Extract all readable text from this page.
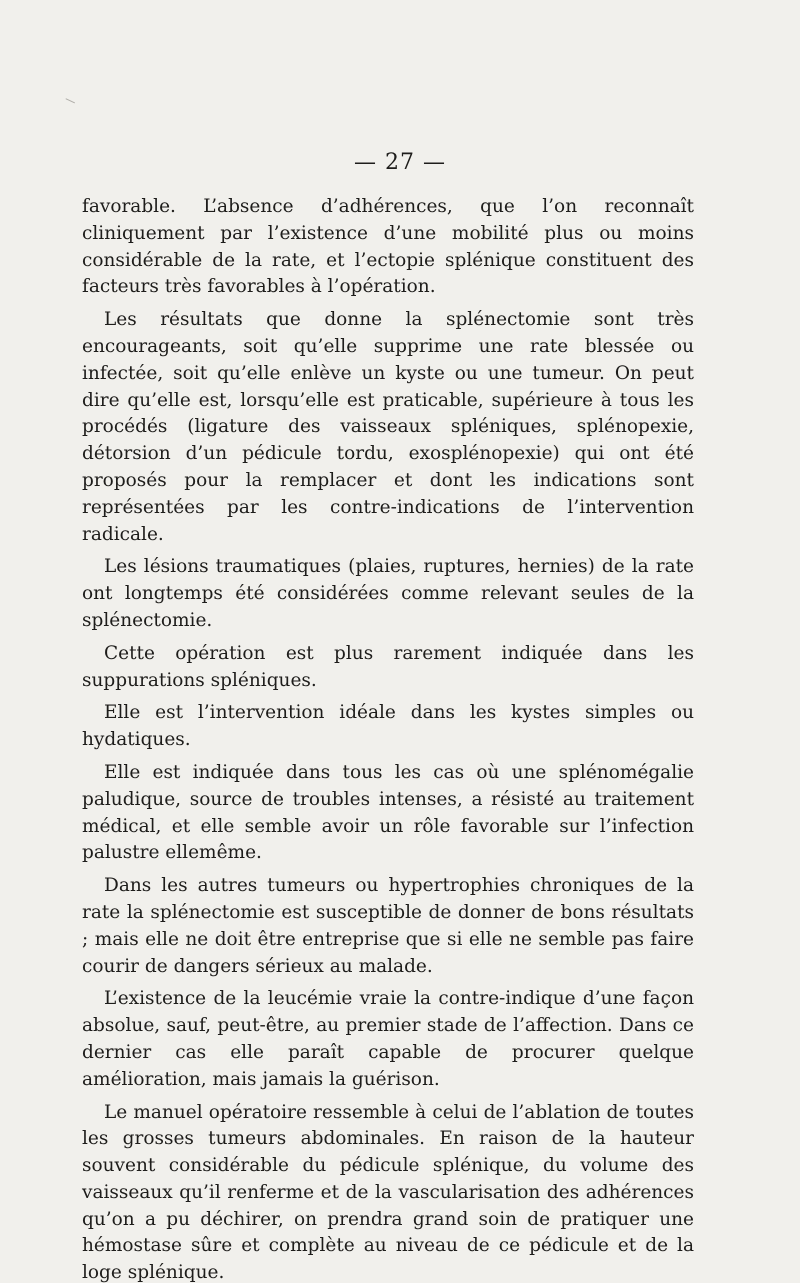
— 27 —

favorable. L’absence d’adhérences, que l’on reconnaît cliniquement par l’existence d’une mobilité plus ou moins considérable de la rate, et l’ectopie splénique constituent des facteurs très favorables à l’opération.

Les résultats que donne la splénectomie sont très encourageants, soit qu’elle supprime une rate blessée ou infectée, soit qu’elle enlève un kyste ou une tumeur. On peut dire qu’elle est, lorsqu’elle est praticable, supérieure à tous les procédés (ligature des vaisseaux spléniques, splénopexie, détorsion d’un pédicule tordu, exosplénopexie) qui ont été proposés pour la remplacer et dont les indications sont représentées par les contre-indications de l’intervention radicale.

Les lésions traumatiques (plaies, ruptures, hernies) de la rate ont longtemps été considérées comme relevant seules de la splénectomie.

Cette opération est plus rarement indiquée dans les suppurations spléniques.

Elle est l’intervention idéale dans les kystes simples ou hydatiques.

Elle est indiquée dans tous les cas où une splénomégalie paludique, source de troubles intenses, a résisté au traitement médical, et elle semble avoir un rôle favorable sur l’infection palustre ellemême.

Dans les autres tumeurs ou hypertrophies chroniques de la rate la splénectomie est susceptible de donner de bons résultats ; mais elle ne doit être entreprise que si elle ne semble pas faire courir de dangers sérieux au malade.

L’existence de la leucémie vraie la contre-indique d’une façon absolue, sauf, peut-être, au premier stade de l’affection. Dans ce dernier cas elle paraît capable de procurer quelque amélioration, mais jamais la guérison.

Le manuel opératoire ressemble à celui de l’ablation de toutes les grosses tumeurs abdominales. En raison de la hauteur souvent considérable du pédicule splénique, du volume des vaisseaux qu’il renferme et de la vascularisation des adhérences qu’on a pu déchirer, on prendra grand soin de pratiquer une hémostase sûre et complète au niveau de ce pédicule et de la loge splénique.
